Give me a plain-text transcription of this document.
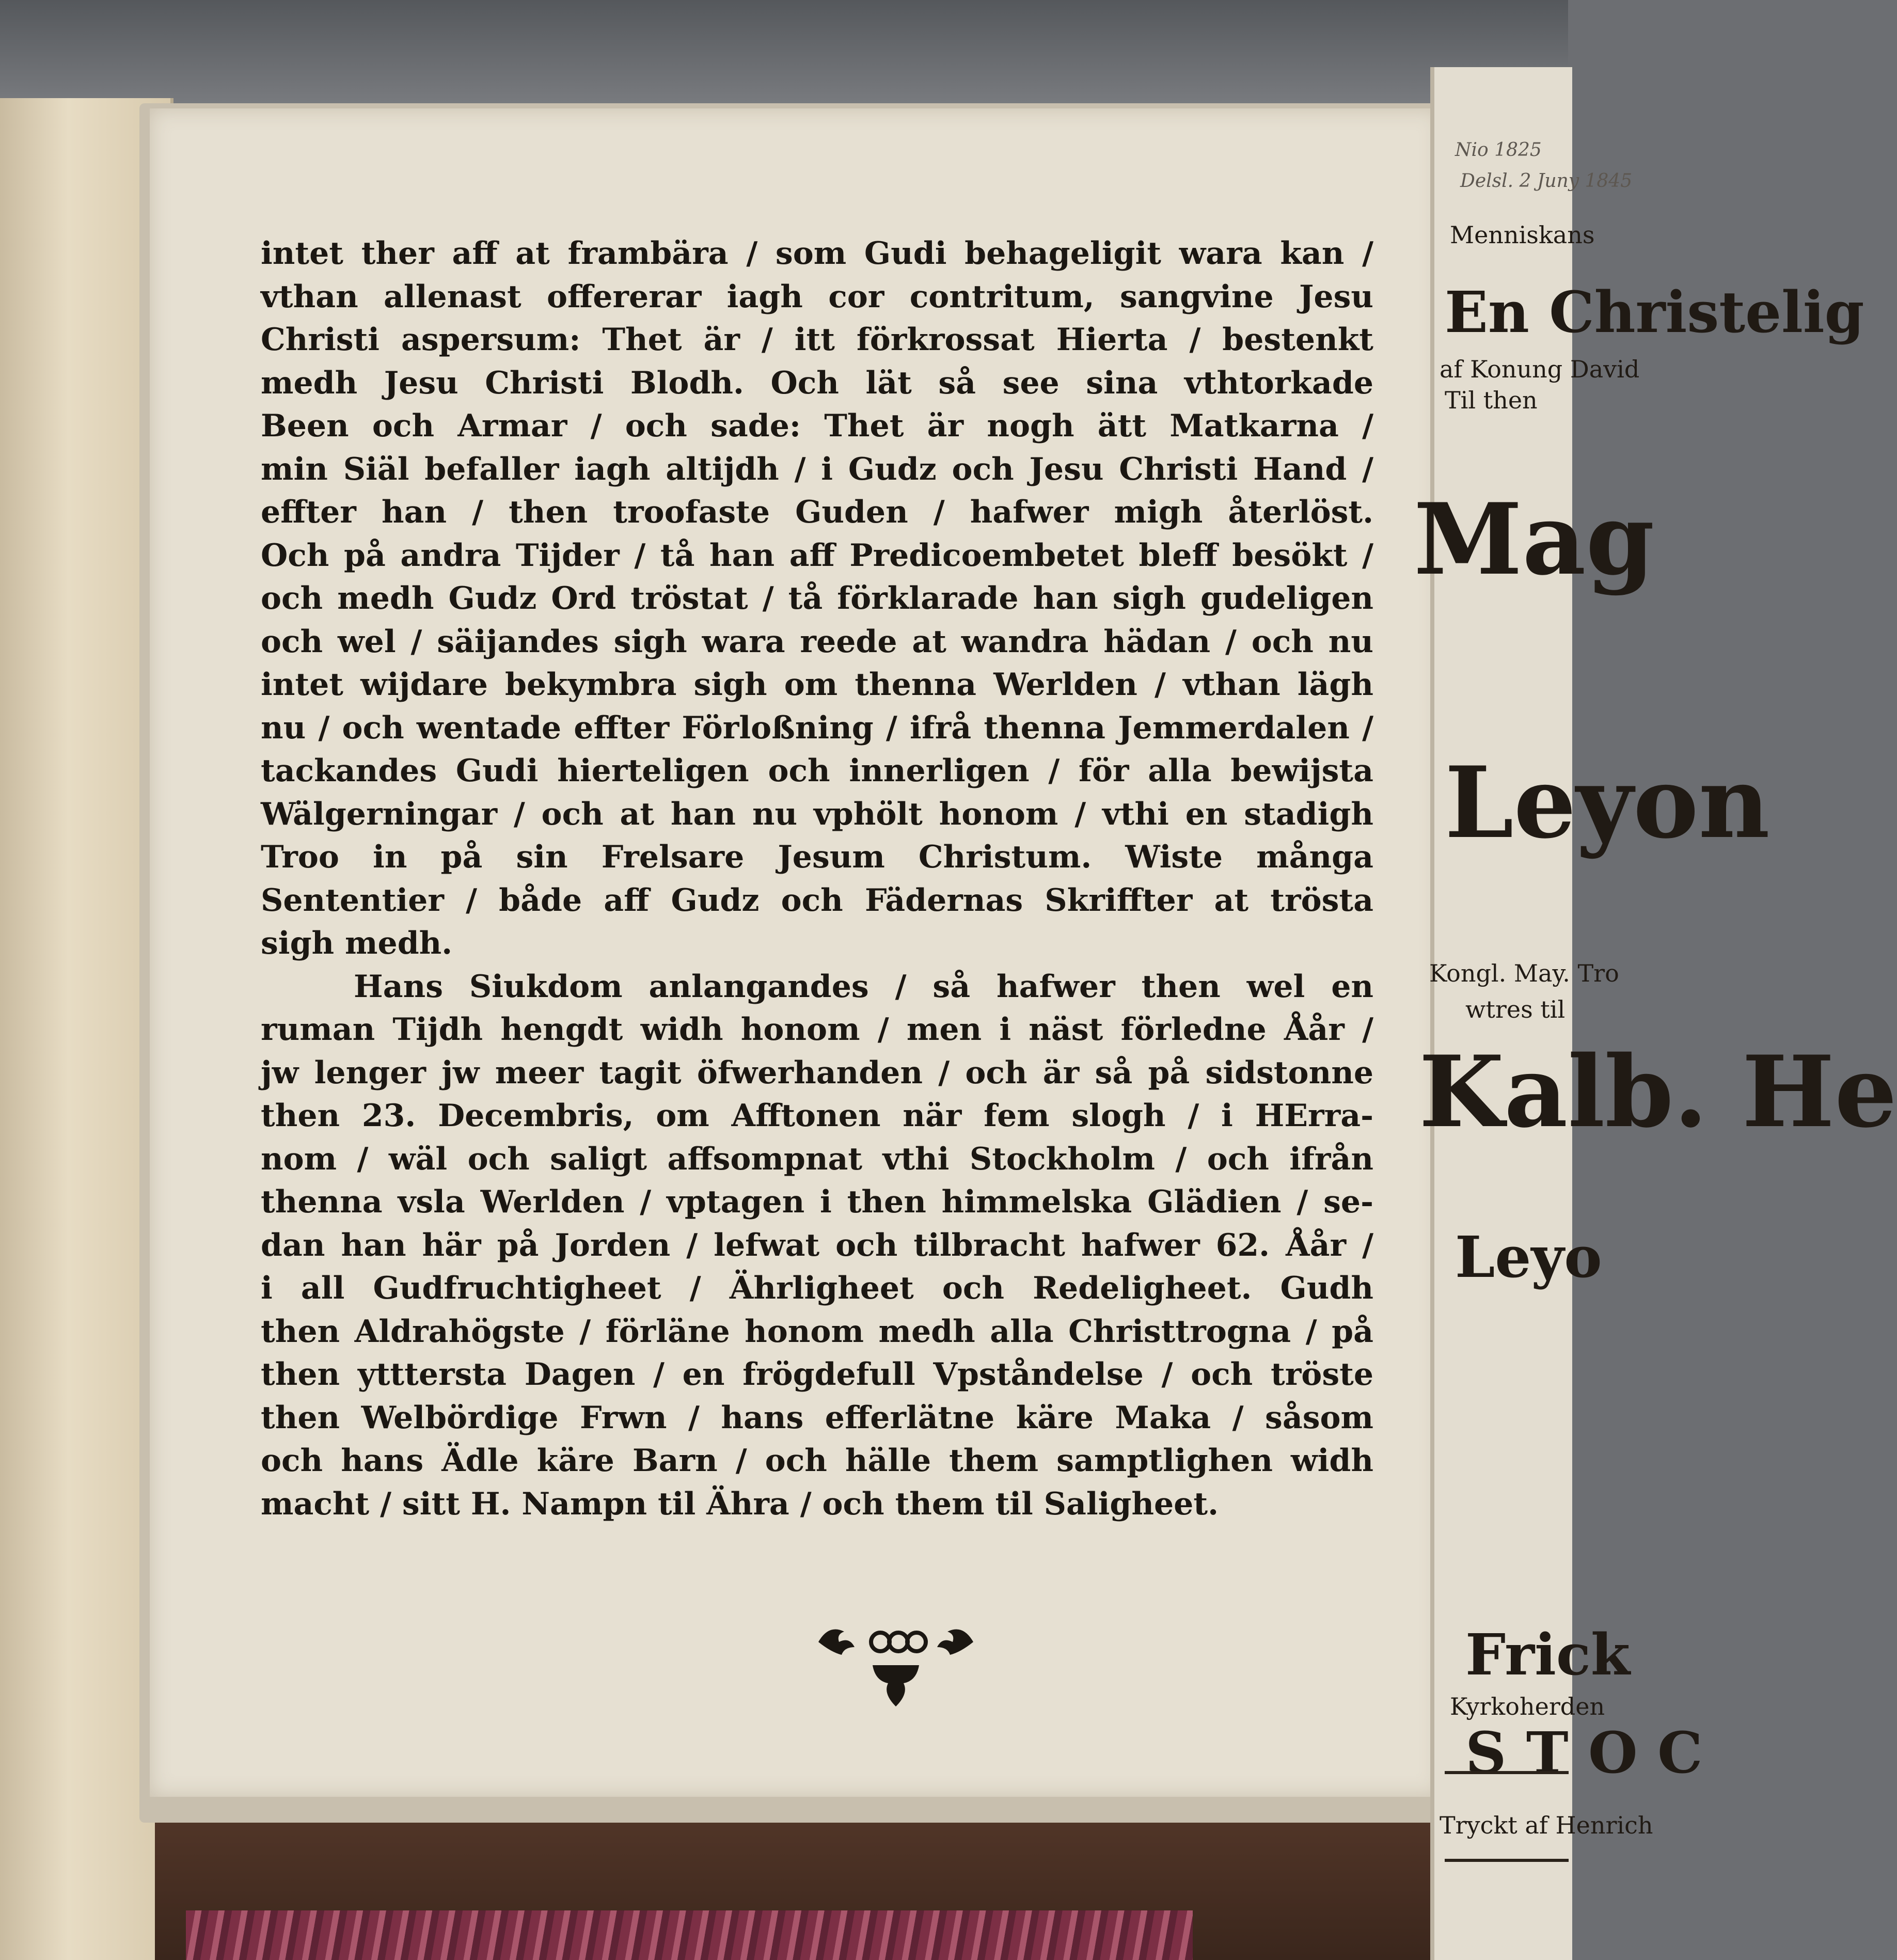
intet ther aff at frambära / som Gudi behageligit wara kan /
vthan allenast offererar iagh cor contritum, sangvine Jesu
Christi aspersum: Thet är / itt förkrossat Hierta / bestenkt
medh Jesu Christi Blodh. Och lät så see sina vthtorkade
Been och Armar / och sade: Thet är nogh ätt Matkarna /
min Siäl befaller iagh altijdh / i Gudz och Jesu Christi Hand /
effter han / then troofaste Guden / hafwer migh återlöst.
Och på andra Tijder / tå han aff Predicoembetet bleff besökt /
och medh Gudz Ord tröstat / tå förklarade han sigh gudeligen
och wel / säijandes sigh wara reede at wandra hädan / och nu
intet wijdare bekymbra sigh om thenna Werlden / vthan lägh
nu / och wentade effter Förloßning / ifrå thenna Jemmerdalen /
tackandes Gudi hierteligen och innerligen / för alla bewijsta
Wälgerningar / och at han nu vphölt honom / vthi en stadigh
Troo in på sin Frelsare Jesum Christum. Wiste många
Sententier / både aff Gudz och Fädernas Skriffter at trösta
sigh medh.
Hans Siukdom anlangandes / så hafwer then wel en
ruman Tijdh hengdt widh honom / men i näst förledne Åår /
jw lenger jw meer tagit öfwerhanden / och är så på sidstonne
then 23. Decembris, om Afftonen när fem slogh / i HErra-
nom / wäl och saligt affsompnat vthi Stockholm / och ifrån
thenna vsla Werlden / vptagen i then himmelska Glädien / se-
dan han här på Jorden / lefwat och tilbracht hafwer 62. Åår /
i all Gudfruchtigheet / Ährligheet och Redeligheet. Gudh
then Aldrahögste / förläne honom medh alla Christtrogna / på
then ytttersta Dagen / en frögdefull Vpståndelse / och tröste
then Welbördige Frwn / hans efferlätne käre Maka / såsom
och hans Ädle käre Barn / och hälle them samptlighen widh
macht / sitt H. Nampn til Ähra / och them til Saligheet.
Menniskans
En Christelig
af Konung David
Til then
Mag
Leyon
Kongl. May. Tro
wtres til
Kalb. He
Leyo
Frick
Kyrkoherden
S T O C
Tryckt af Henrich
Nio 1825
Delsl. 2 Juny 1845
